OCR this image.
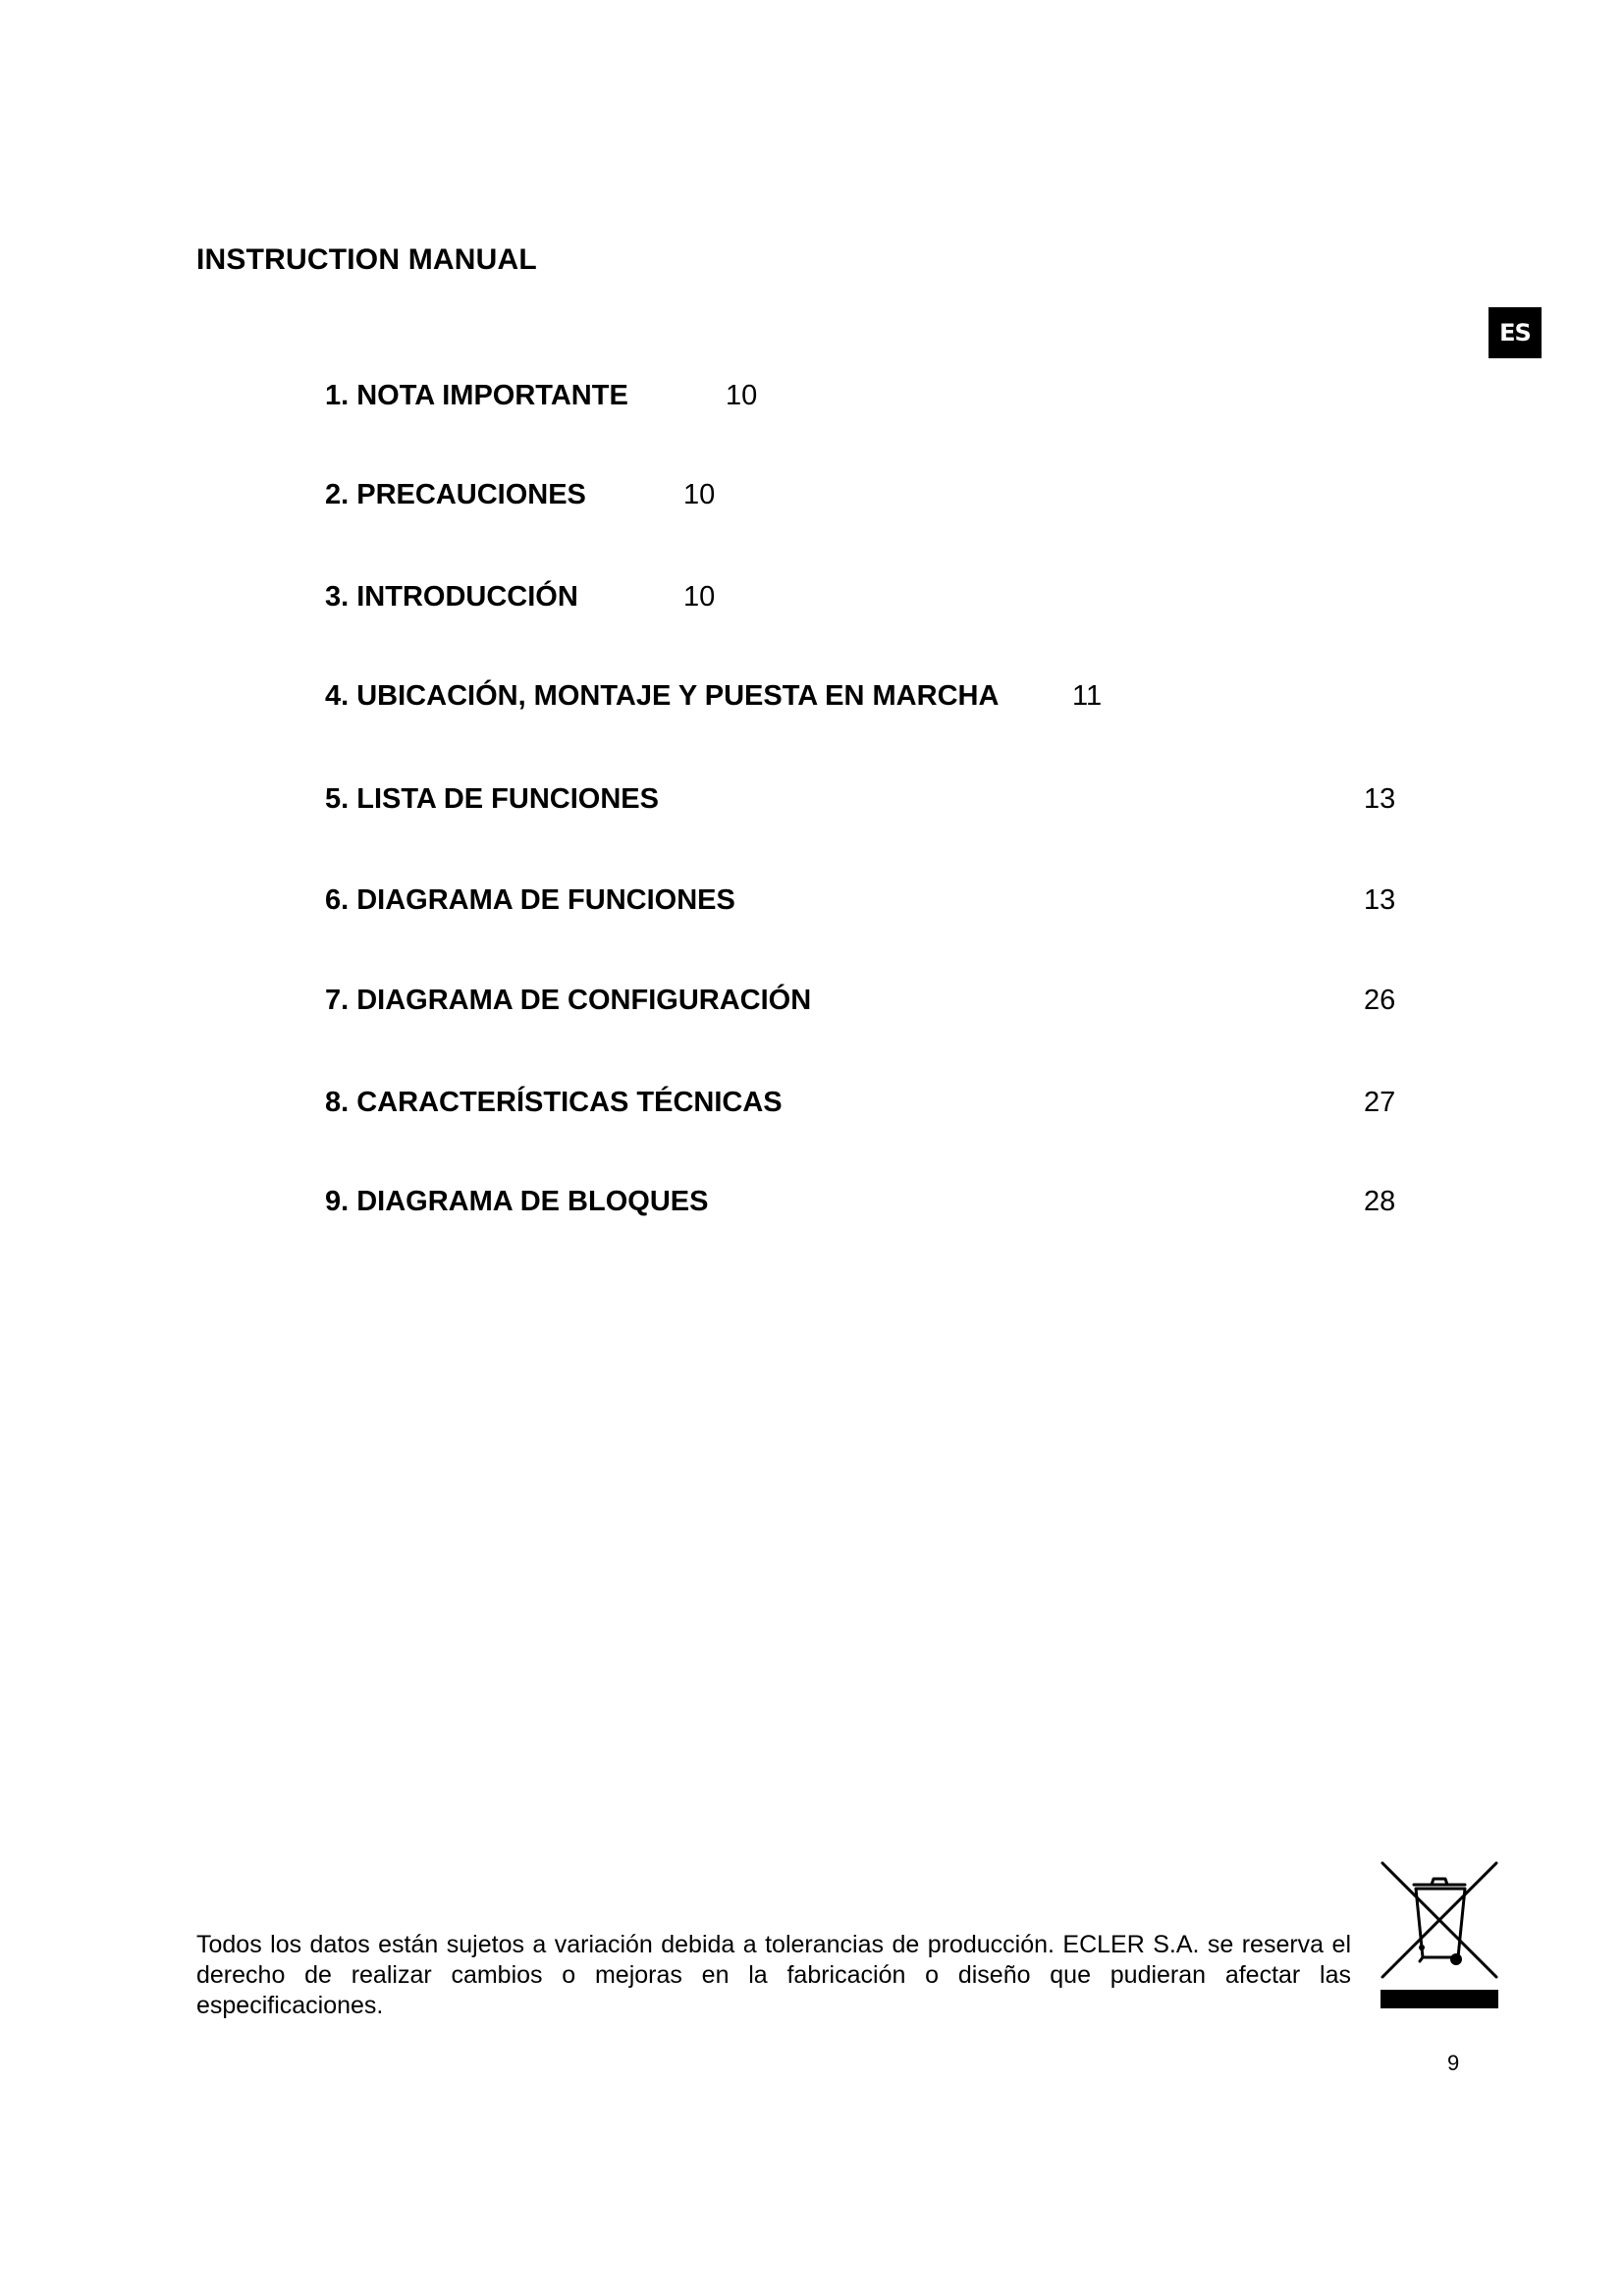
INSTRUCTION MANUAL
ES
1. NOTA IMPORTANTE	10
2. PRECAUCIONES	10
3. INTRODUCCIÓN	10
4. UBICACIÓN, MONTAJE Y PUESTA EN MARCHA	11
5. LISTA DE FUNCIONES	13
6. DIAGRAMA DE FUNCIONES	13
7. DIAGRAMA DE CONFIGURACIÓN	26
8. CARACTERÍSTICAS TÉCNICAS	27
9. DIAGRAMA DE BLOQUES	28
Todos los datos están sujetos a variación debida a tolerancias de producción. ECLER S.A. se reserva el derecho de realizar cambios o mejoras en la fabricación o diseño que pudieran afectar las especificaciones.
9
